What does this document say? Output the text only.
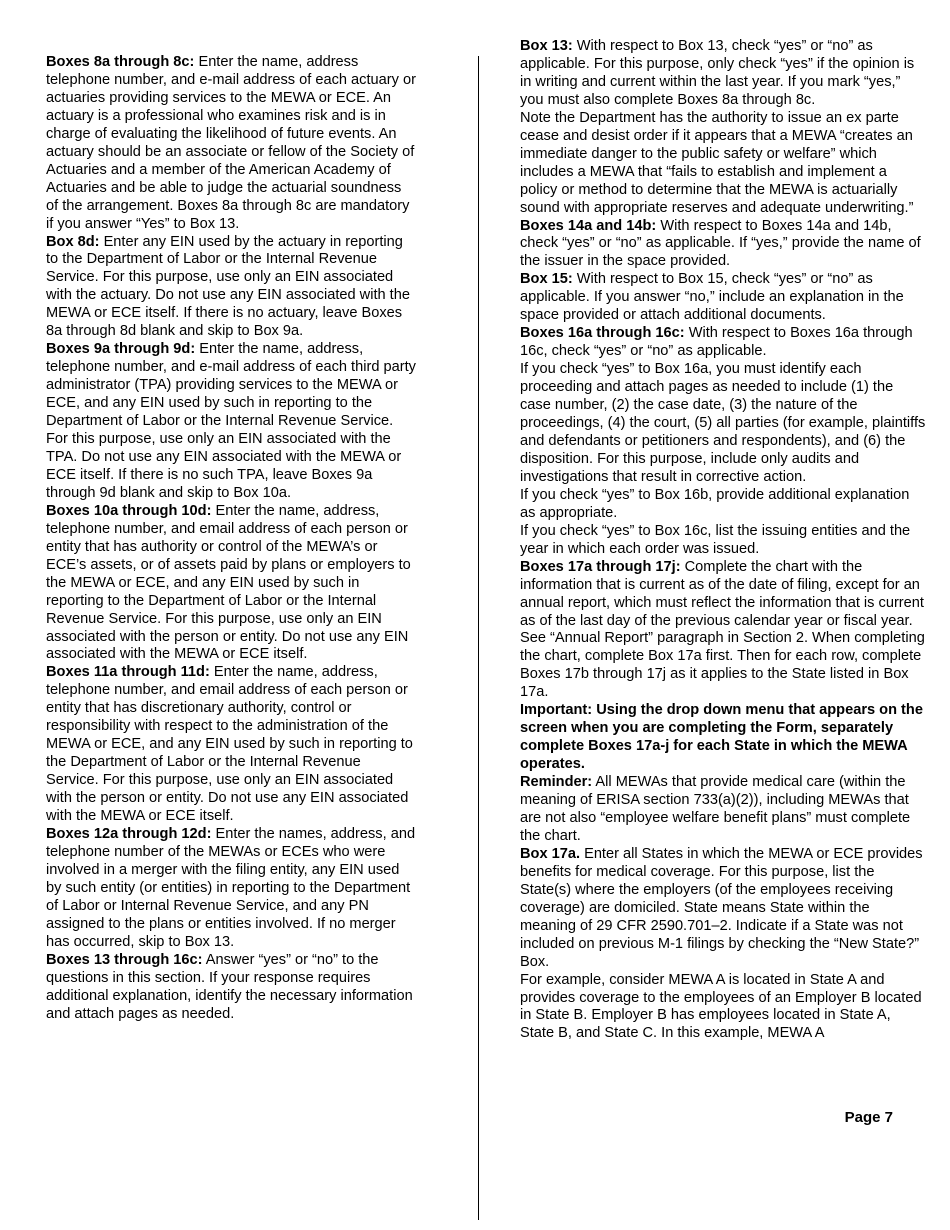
Boxes 8a through 8c: Enter the name, address telephone number, and e-mail address of each actuary or actuaries providing services to the MEWA or ECE. An actuary is a professional who examines risk and is in charge of evaluating the likelihood of future events. An actuary should be an associate or fellow of the Society of Actuaries and a member of the American Academy of Actuaries and be able to judge the actuarial soundness of the arrangement. Boxes 8a through 8c are mandatory if you answer “Yes” to Box 13.

Box 8d: Enter any EIN used by the actuary in reporting to the Department of Labor or the Internal Revenue Service. For this purpose, use only an EIN associated with the actuary. Do not use any EIN associated with the MEWA or ECE itself. If there is no actuary, leave Boxes 8a through 8d blank and skip to Box 9a.

Boxes 9a through 9d: Enter the name, address, telephone number, and e-mail address of each third party administrator (TPA) providing services to the MEWA or ECE, and any EIN used by such in reporting to the Department of Labor or the Internal Revenue Service. For this purpose, use only an EIN associated with the TPA. Do not use any EIN associated with the MEWA or ECE itself. If there is no such TPA, leave Boxes 9a through 9d blank and skip to Box 10a.

Boxes 10a through 10d: Enter the name, address, telephone number, and email address of each person or entity that has authority or control of the MEWA’s or ECE’s assets, or of assets paid by plans or employers to the MEWA or ECE, and any EIN used by such in reporting to the Department of Labor or the Internal Revenue Service. For this purpose, use only an EIN associated with the person or entity. Do not use any EIN associated with the MEWA or ECE itself.

Boxes 11a through 11d: Enter the name, address, telephone number, and email address of each person or entity that has discretionary authority, control or responsibility with respect to the administration of the MEWA or ECE, and any EIN used by such in reporting to the Department of Labor or the Internal Revenue Service. For this purpose, use only an EIN associated with the person or entity. Do not use any EIN associated with the MEWA or ECE itself.

Boxes 12a through 12d: Enter the names, address, and telephone number of the MEWAs or ECEs who were involved in a merger with the filing entity, any EIN used by such entity (or entities) in reporting to the Department of Labor or Internal Revenue Service, and any PN assigned to the plans or entities involved. If no merger has occurred, skip to Box 13.

Boxes 13 through 16c: Answer “yes” or “no” to the questions in this section. If your response requires additional explanation, identify the necessary information and attach pages as needed.

Box 13: With respect to Box 13, check “yes” or “no” as applicable. For this purpose, only check “yes” if the opinion is in writing and current within the last year. If you mark “yes,” you must also complete Boxes 8a through 8c.

Note the Department has the authority to issue an ex parte cease and desist order if it appears that a MEWA “creates an immediate danger to the public safety or welfare” which includes a MEWA that “fails to establish and implement a policy or method to determine that the MEWA is actuarially sound with appropriate reserves and adequate underwriting.”

Boxes 14a and 14b: With respect to Boxes 14a and 14b, check “yes” or “no” as applicable. If “yes,” provide the name of the issuer in the space provided.

Box 15: With respect to Box 15, check “yes” or “no” as applicable. If you answer “no,” include an explanation in the space provided or attach additional documents.

Boxes 16a through 16c: With respect to Boxes 16a through 16c, check “yes” or “no” as applicable.

If you check “yes” to Box 16a, you must identify each proceeding and attach pages as needed to include (1) the case number, (2) the case date, (3) the nature of the proceedings, (4) the court, (5) all parties (for example, plaintiffs and defendants or petitioners and respondents), and (6) the disposition. For this purpose, include only audits and investigations that result in corrective action.

If you check “yes” to Box 16b, provide additional explanation as appropriate.

If you check “yes” to Box 16c, list the issuing entities and the year in which each order was issued.

Boxes 17a through 17j: Complete the chart with the information that is current as of the date of filing, except for an annual report, which must reflect the information that is current as of the last day of the previous calendar year or fiscal year. See “Annual Report” paragraph in Section 2. When completing the chart, complete Box 17a first. Then for each row, complete Boxes 17b through 17j as it applies to the State listed in Box 17a.

Important: Using the drop down menu that appears on the screen when you are completing the Form, separately complete Boxes 17a-j for each State in which the MEWA operates.

Reminder: All MEWAs that provide medical care (within the meaning of ERISA section 733(a)(2)), including MEWAs that are not also “employee welfare benefit plans” must complete the chart.

Box 17a. Enter all States in which the MEWA or ECE provides benefits for medical coverage. For this purpose, list the State(s) where the employers (of the employees receiving coverage) are domiciled. State means State within the meaning of 29 CFR 2590.701–2. Indicate if a State was not included on previous M-1 filings by checking the “New State?” Box.

For example, consider MEWA A is located in State A and provides coverage to the employees of an Employer B located in State B. Employer B has employees located in State A, State B, and State C. In this example, MEWA A

Page 7
